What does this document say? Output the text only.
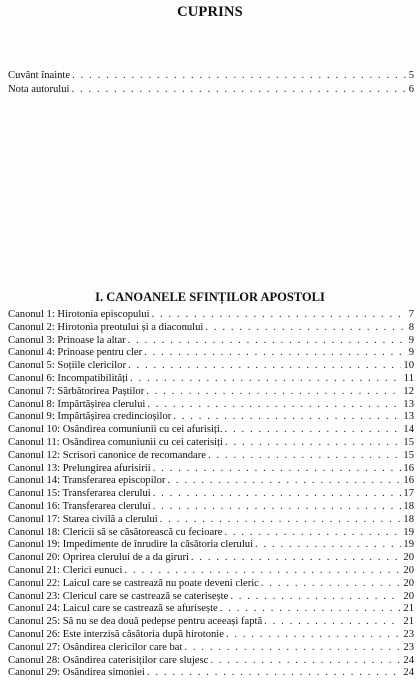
CUPRINS
Cuvânt înainte . . .	5
Nota autorului . . .	6
I. CANOANELE SFINȚILOR APOSTOLI
Canonul 1: Hirotonia episcopului . . .	7
Canonul 2: Hirotonia preotului și a diaconului . . .	8
Canonul 3: Prinoase la altar . . .	9
Canonul 4: Prinoase pentru cler . . .	9
Canonul 5: Soțiile clericilor . . .	10
Canonul 6: Incompatibilități . . .	11
Canonul 7: Sărbătorirea Paștilor . . .	12
Canonul 8: Împărtășirea clerului . . .	13
Canonul 9: Împărtășirea credincioșilor . . .	13
Canonul 10: Osândirea comuniunii cu cei afurisiți. . . .	14
Canonul 11: Osândirea comuniunii cu cei caterisiți . . .	15
Canonul 12: Scrisori canonice de recomandare . . .	15
Canonul 13: Prelungirea afurisirii . . .	16
Canonul 14: Transferarea episcopilor . . .	16
Canonul 15: Transferarea clerului . . .	17
Canonul 16: Transferarea clerului . . .	18
Canonul 17: Starea civilă a clerului . . .	18
Canonul 18: Clericii să se căsătorească cu fecioare . . .	19
Canonul 19: Impedimente de înrudire la căsătoria clerului . . .	19
Canonul 20: Oprirea clerului de a da giruri . . .	20
Canonul 21: Clerici eunuci . . .	20
Canonul 22: Laicul care se castrează nu poate deveni cleric . . .	20
Canonul 23: Clericul care se castrează se caterisește . . .	20
Canonul 24: Laicul care se castrează se afurisește . . .	21
Canonul 25: Să nu se dea două pedepse pentru aceeași faptă . . .	21
Canonul 26: Este interzisă căsătoria după hirotonie . . .	23
Canonul 27: Osândirea clericilor care bat . . .	23
Canonul 28: Osândirea caterisiților care slujesc . . .	24
Canonul 29: Osândirea simoniei . . .	24
